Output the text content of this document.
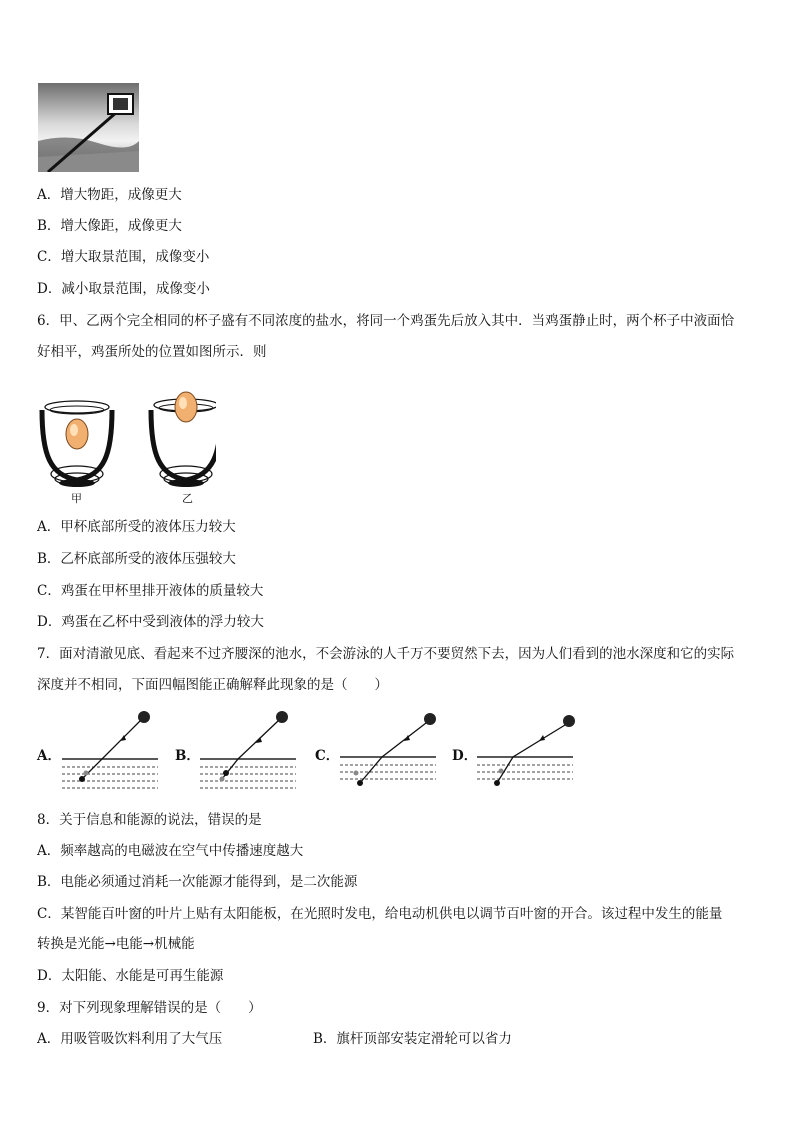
A．增大物距，成像更大
B．增大像距，成像更大
C．增大取景范围，成像变小
D．减小取景范围，成像变小
6．甲、乙两个完全相同的杯子盛有不同浓度的盐水，将同一个鸡蛋先后放入其中．当鸡蛋静止时，两个杯子中液面恰
好相平，鸡蛋所处的位置如图所示．则
甲	乙
A．甲杯底部所受的液体压力较大
B．乙杯底部所受的液体压强较大
C．鸡蛋在甲杯里排开液体的质量较大
D．鸡蛋在乙杯中受到液体的浮力较大
7．面对清澈见底、看起来不过齐腰深的池水，不会游泳的人千万不要贸然下去，因为人们看到的池水深度和它的实际
深度并不相同，下面四幅图能正确解释此现象的是（　　）
A．	B．	C．	D．
8．关于信息和能源的说法，错误的是
A．频率越高的电磁波在空气中传播速度越大
B．电能必须通过消耗一次能源才能得到，是二次能源
C．某智能百叶窗的叶片上贴有太阳能板，在光照时发电，给电动机供电以调节百叶窗的开合。该过程中发生的能量
转换是光能→电能→机械能
D．太阳能、水能是可再生能源
9．对下列现象理解错误的是（　　）
A．用吸管吸饮料利用了大气压	B．旗杆顶部安装定滑轮可以省力
